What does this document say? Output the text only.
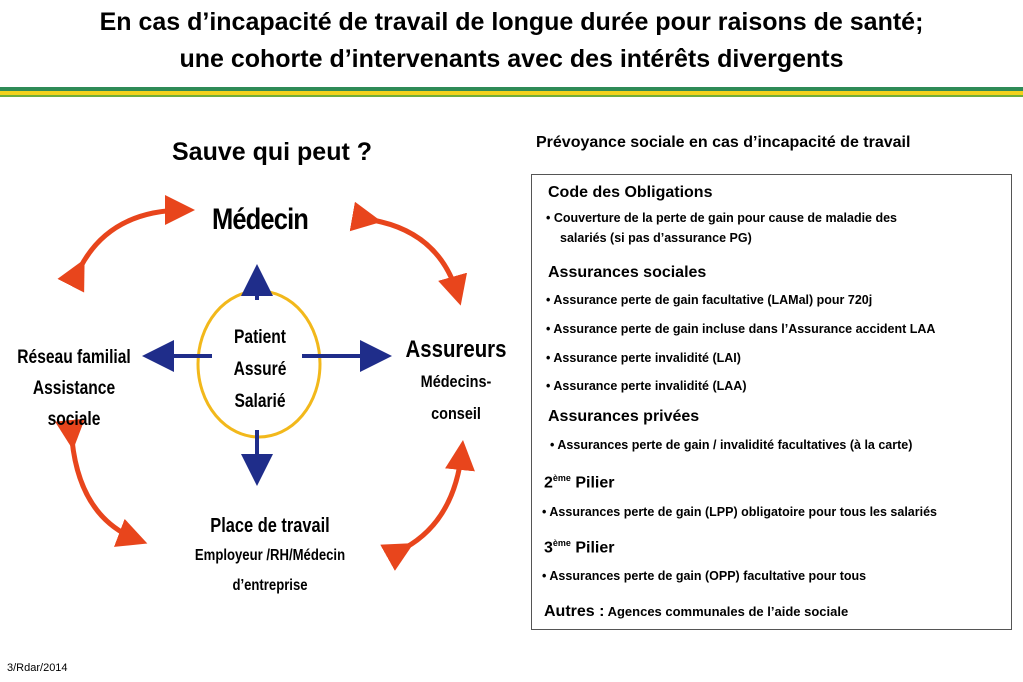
En cas d’incapacité de travail de longue durée pour raisons de santé;
une cohorte d’intervenants avec des intérêts divergents
Sauve qui peut ?	Prévoyance sociale en cas d’incapacité de travail
Médecin
Réseau familial
Assistance sociale
Assureurs
Médecins-conseil
Patient
Assuré
Salarié
Place de travail
Employeur /RH/Médecin d’entreprise
Code des Obligations
• Couverture de la perte de gain pour cause de maladie des
salariés (si pas d’assurance PG)
Assurances sociales
• Assurance perte de gain facultative (LAMal) pour 720j
• Assurance perte de gain incluse dans l’Assurance accident LAA
• Assurance perte invalidité (LAI)
• Assurance perte invalidité (LAA)
Assurances privées
• Assurances perte de gain / invalidité facultatives (à la carte)
2ème Pilier
• Assurances perte de gain (LPP) obligatoire pour tous les salariés
3ème Pilier
• Assurances perte de gain (OPP) facultative pour tous
Autres : Agences communales de l’aide sociale
3/Rdar/2014
